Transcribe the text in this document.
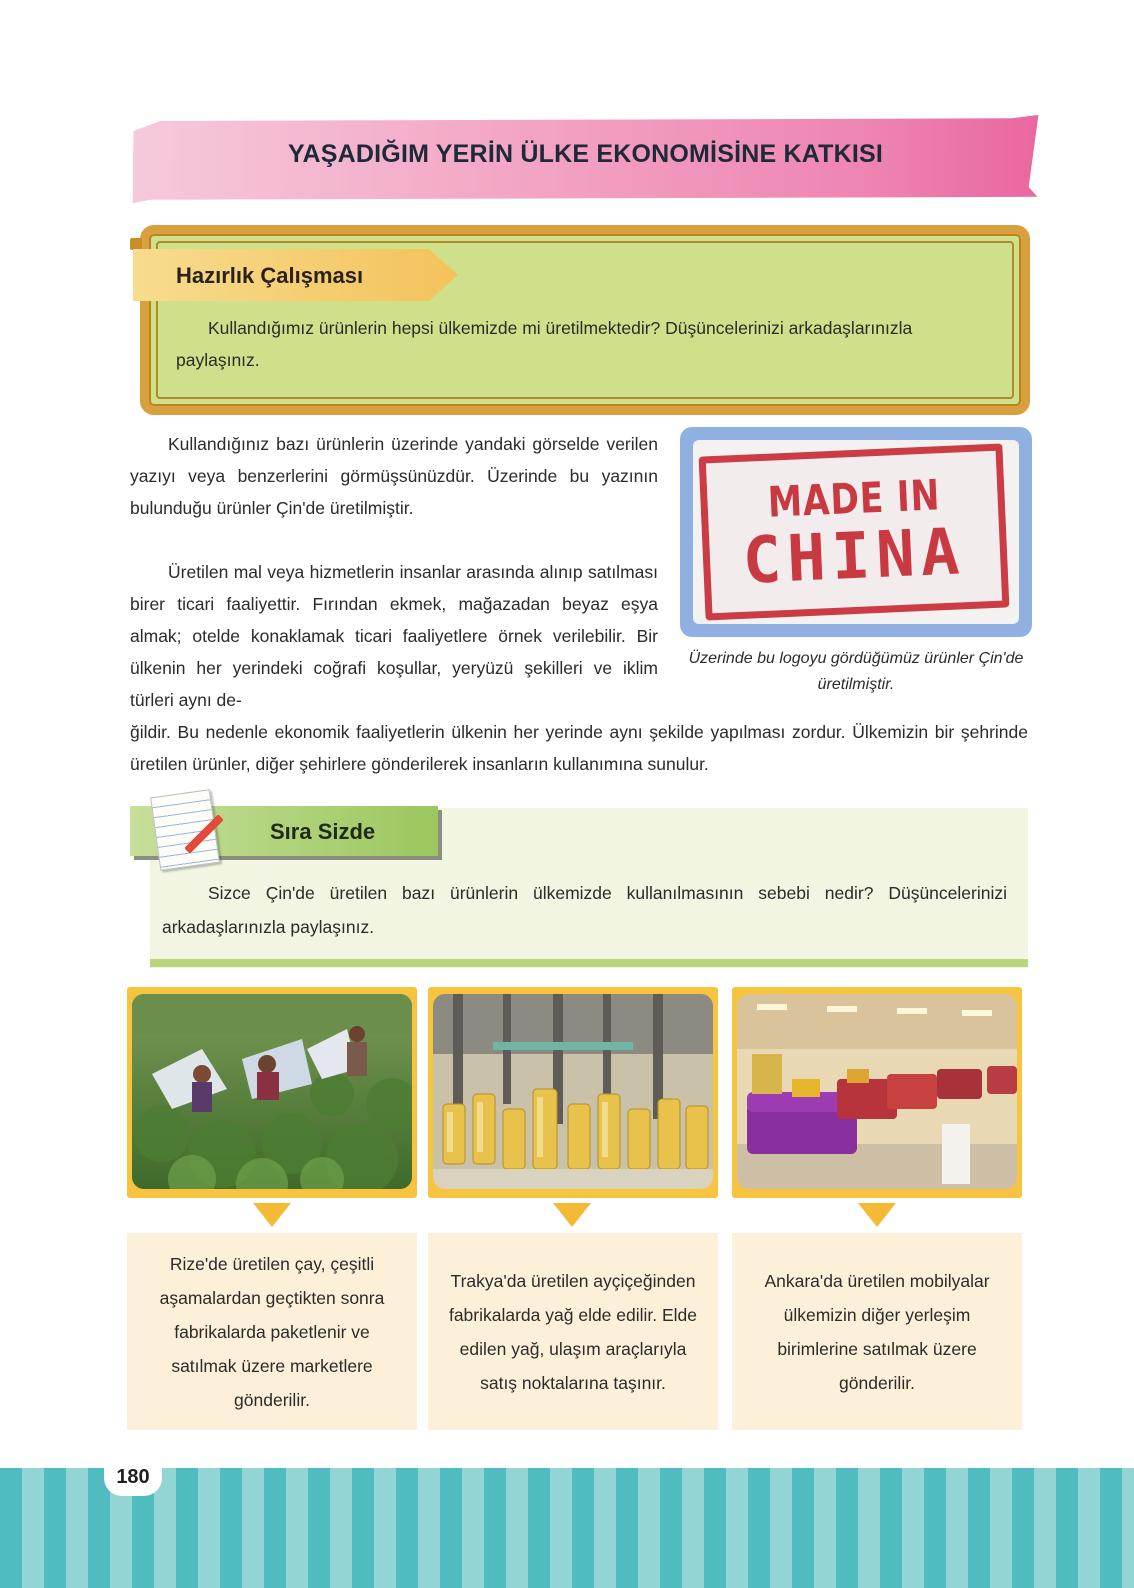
YAŞADIĞIM YERİN ÜLKE EKONOMİSİNE KATKISI
Hazırlık Çalışması
Kullandığımız ürünlerin hepsi ülkemizde mi üretilmektedir? Düşüncelerinizi arkadaşlarınızla paylaşınız.
Kullandığınız bazı ürünlerin üzerinde yandaki görselde verilen yazıyı veya benzerlerini görmüşsünüzdür. Üzerinde bu yazının bulunduğu ürünler Çin'de üretilmiştir.
Üretilen mal veya hizmetlerin insanlar arasında alınıp satılması birer ticari faaliyettir. Fırından ekmek, mağazadan beyaz eşya almak; otelde konaklamak ticari faaliyetlere örnek verilebilir. Bir ülkenin her yerindeki coğrafi koşullar, yeryüzü şekilleri ve iklim türleri aynı de-
ğildir. Bu nedenle ekonomik faaliyetlerin ülkenin her yerinde aynı şekilde yapılması zordur. Ülkemizin bir şehrinde üretilen ürünler, diğer şehirlere gönderilerek insanların kullanımına sunulur.
MADE IN
CHINA
Üzerinde bu logoyu gördüğümüz ürünler Çin'de üretilmiştir.
Sıra Sizde
Sizce Çin'de üretilen bazı ürünlerin ülkemizde kullanılmasının sebebi nedir? Düşüncelerinizi arkadaşlarınızla paylaşınız.
Rize'de üretilen çay, çeşitli aşamalardan geçtikten sonra fabrikalarda paketlenir ve satılmak üzere marketlere gönderilir.
Trakya'da üretilen ayçiçeğinden fabrikalarda yağ elde edilir. Elde edilen yağ, ulaşım araçlarıyla satış noktalarına taşınır.
Ankara'da üretilen mobilyalar ülkemizin diğer yerleşim birimlerine satılmak üzere gönderilir.
180
